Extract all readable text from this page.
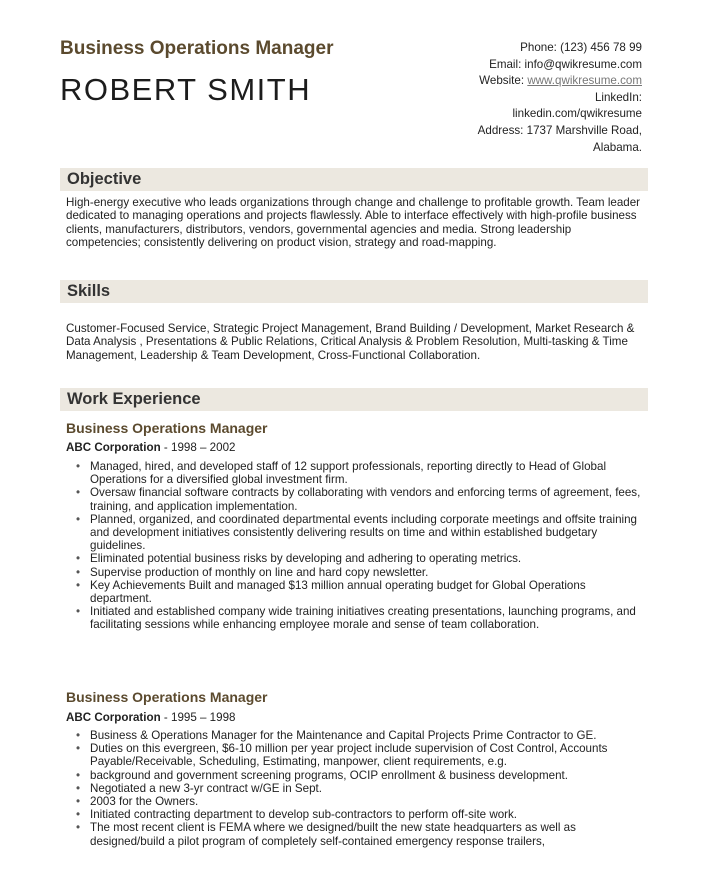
Business Operations Manager
ROBERT SMITH
Phone: (123) 456 78 99
Email: info@qwikresume.com
Website: www.qwikresume.com
LinkedIn:
linkedin.com/qwikresume
Address: 1737 Marshville Road,
Alabama.
Objective
High-energy executive who leads organizations through change and challenge to profitable growth. Team leader dedicated to managing operations and projects flawlessly. Able to interface effectively with high-profile business clients, manufacturers, distributors, vendors, governmental agencies and media. Strong leadership competencies; consistently delivering on product vision, strategy and road-mapping.
Skills
Customer-Focused Service, Strategic Project Management, Brand Building / Development, Market Research & Data Analysis , Presentations & Public Relations, Critical Analysis & Problem Resolution, Multi-tasking & Time Management, Leadership & Team Development, Cross-Functional Collaboration.
Work Experience
Business Operations Manager
ABC Corporation - 1998 – 2002
• Managed, hired, and developed staff of 12 support professionals, reporting directly to Head of Global Operations for a diversified global investment firm.
• Oversaw financial software contracts by collaborating with vendors and enforcing terms of agreement, fees, training, and application implementation.
• Planned, organized, and coordinated departmental events including corporate meetings and offsite training and development initiatives consistently delivering results on time and within established budgetary guidelines.
• Eliminated potential business risks by developing and adhering to operating metrics.
• Supervise production of monthly on line and hard copy newsletter.
• Key Achievements Built and managed $13 million annual operating budget for Global Operations department.
• Initiated and established company wide training initiatives creating presentations, launching programs, and facilitating sessions while enhancing employee morale and sense of team collaboration.
Business Operations Manager
ABC Corporation - 1995 – 1998
• Business & Operations Manager for the Maintenance and Capital Projects Prime Contractor to GE.
• Duties on this evergreen, $6-10 million per year project include supervision of Cost Control, Accounts Payable/Receivable, Scheduling, Estimating, manpower, client requirements, e.g.
• background and government screening programs, OCIP enrollment & business development.
• Negotiated a new 3-yr contract w/GE in Sept.
• 2003 for the Owners.
• Initiated contracting department to develop sub-contractors to perform off-site work.
• The most recent client is FEMA where we designed/built the new state headquarters as well as designed/build a pilot program of completely self-contained emergency response trailers,
